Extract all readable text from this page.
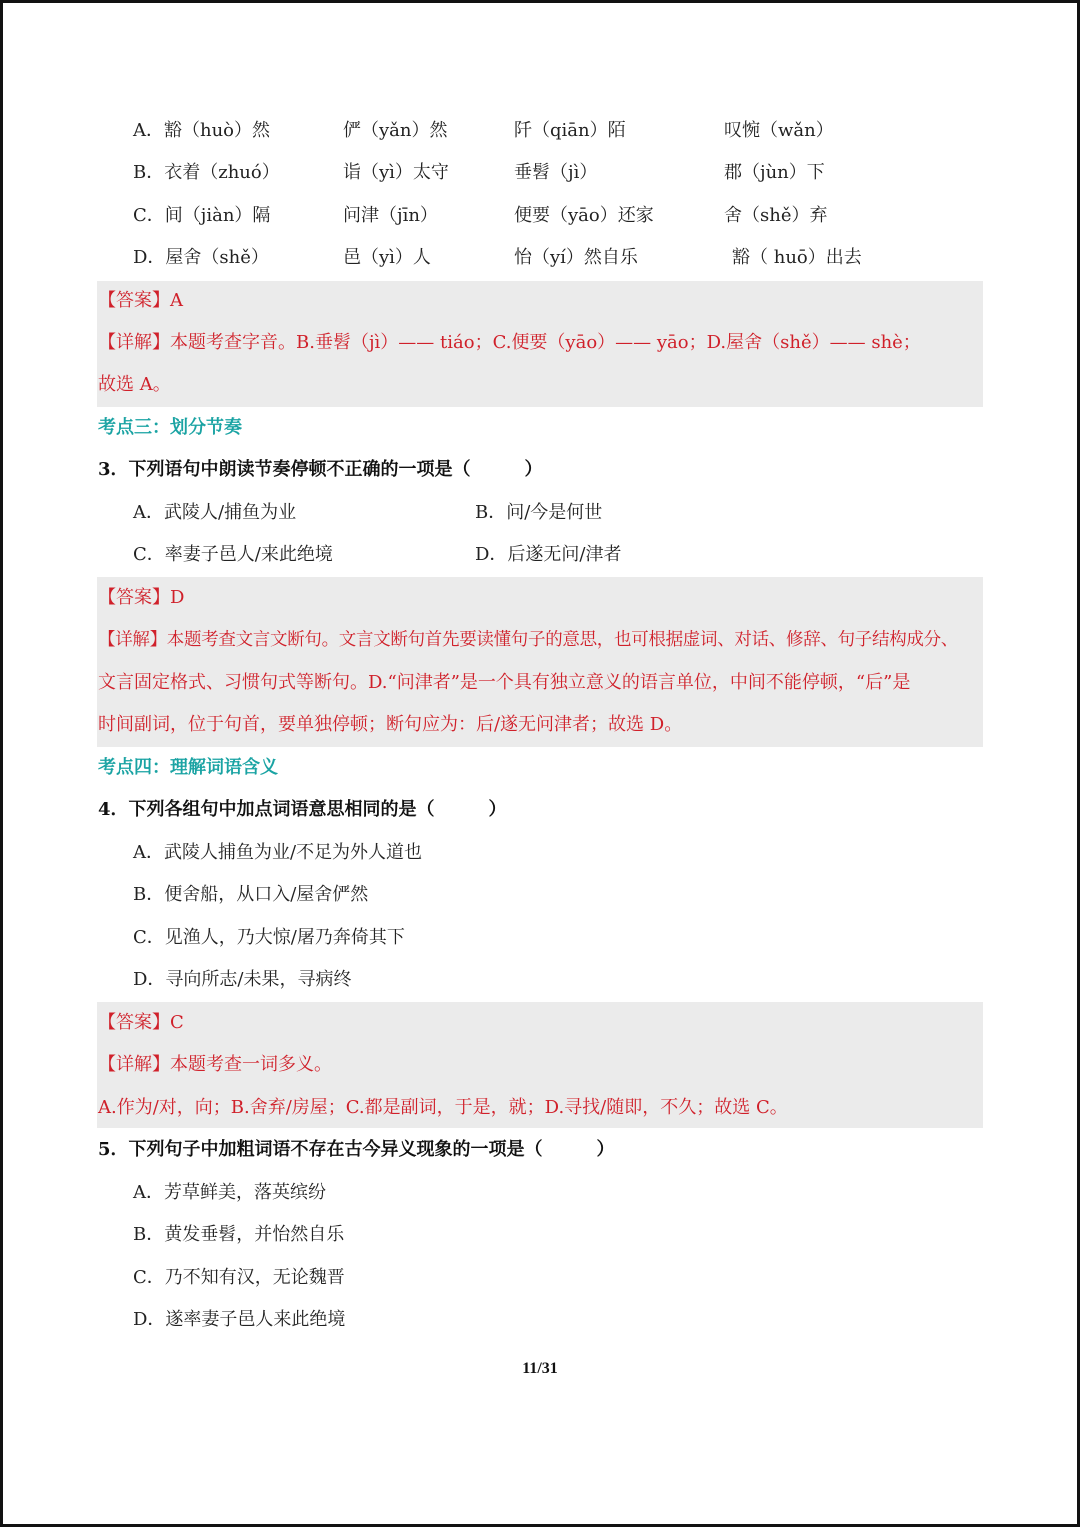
A．豁（huò）然	俨（yǎn）然	阡（qiān）陌	叹惋（wǎn）
B．衣着（zhuó）	诣（yì）太守	垂髫（jì）	郡（jùn）下
C．间（jiàn）隔	问津（jīn）	便要（yāo）还家	舍（shě）弃
D．屋舍（shě）	邑（yì）人	怡（yí）然自乐	豁（ huō）出去
【答案】A
【详解】本题考查字音。B.垂髫（jì）—— tiáo；C.便要（yāo）—— yāo；D.屋舍（shě）—— shè；
故选 A。
考点三：划分节奏
3．下列语句中朗读节奏停顿不正确的一项是（　　　）
A．武陵人/捕鱼为业	B．问/今是何世
C．率妻子邑人/来此绝境	D．后遂无问/津者
【答案】D
【详解】本题考查文言文断句。文言文断句首先要读懂句子的意思，也可根据虚词、对话、修辞、句子结构成分、
文言固定格式、习惯句式等断句。D.“问津者”是一个具有独立意义的语言单位，中间不能停顿，“后”是
时间副词，位于句首，要单独停顿；断句应为：后/遂无问津者；故选 D。
考点四：理解词语含义
4．下列各组句中加点词语意思相同的是（　　　）
A．武陵人捕鱼为业/不足为外人道也
B．便舍船，从口入/屋舍俨然
C．见渔人，乃大惊/屠乃奔倚其下
D．寻向所志/未果，寻病终
【答案】C
【详解】本题考查一词多义。
A.作为/对，向；B.舍弃/房屋；C.都是副词，于是，就；D.寻找/随即，不久；故选 C。
5．下列句子中加粗词语不存在古今异义现象的一项是（　　　）
A．芳草鲜美，落英缤纷
B．黄发垂髫，并怡然自乐
C．乃不知有汉，无论魏晋
D．遂率妻子邑人来此绝境
11/31
